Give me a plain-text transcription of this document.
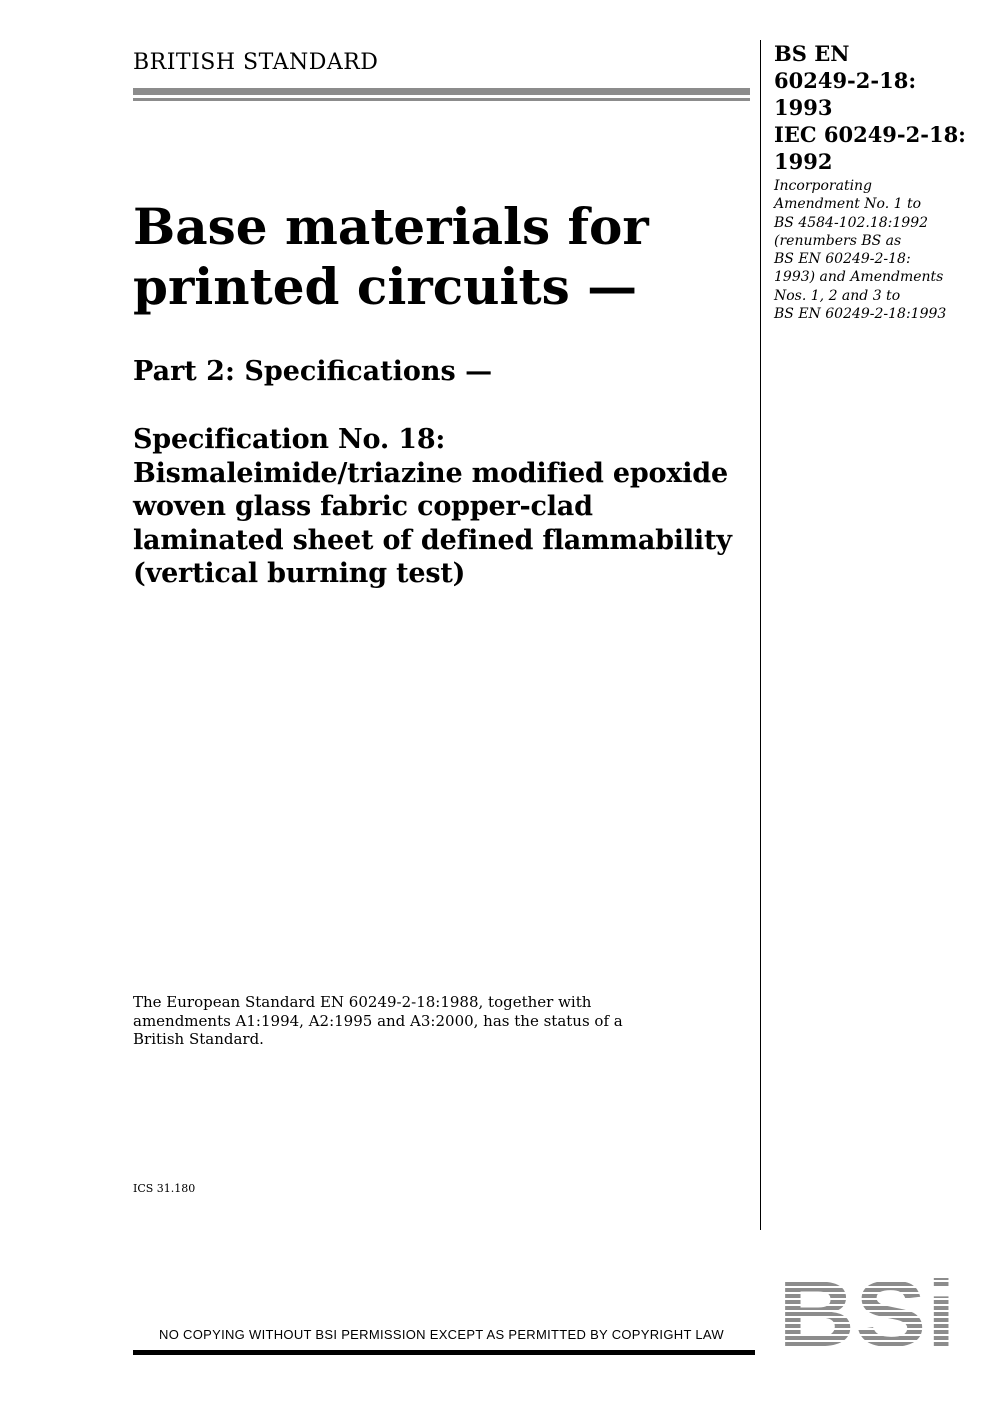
BRITISH STANDARD	BS EN
60249-2-18:
1993
IEC 60249-2-18:
1992
Incorporating
Amendment No. 1 to
BS 4584-102.18:1992
(renumbers BS as
BS EN 60249-2-18:
1993) and Amendments
Nos. 1, 2 and 3 to
BS EN 60249-2-18:1993
Base materials for
printed circuits —
Part 2: Specifications —
Specification No. 18:
Bismaleimide/triazine modified epoxide
woven glass fabric copper-clad
laminated sheet of defined flammability
(vertical burning test)
The European Standard EN 60249-2-18:1988, together with
amendments A1:1994, A2:1995 and A3:2000, has the status of a
British Standard.
ICS 31.180
NO COPYING WITHOUT BSI PERMISSION EXCEPT AS PERMITTED BY COPYRIGHT LAW BSi
